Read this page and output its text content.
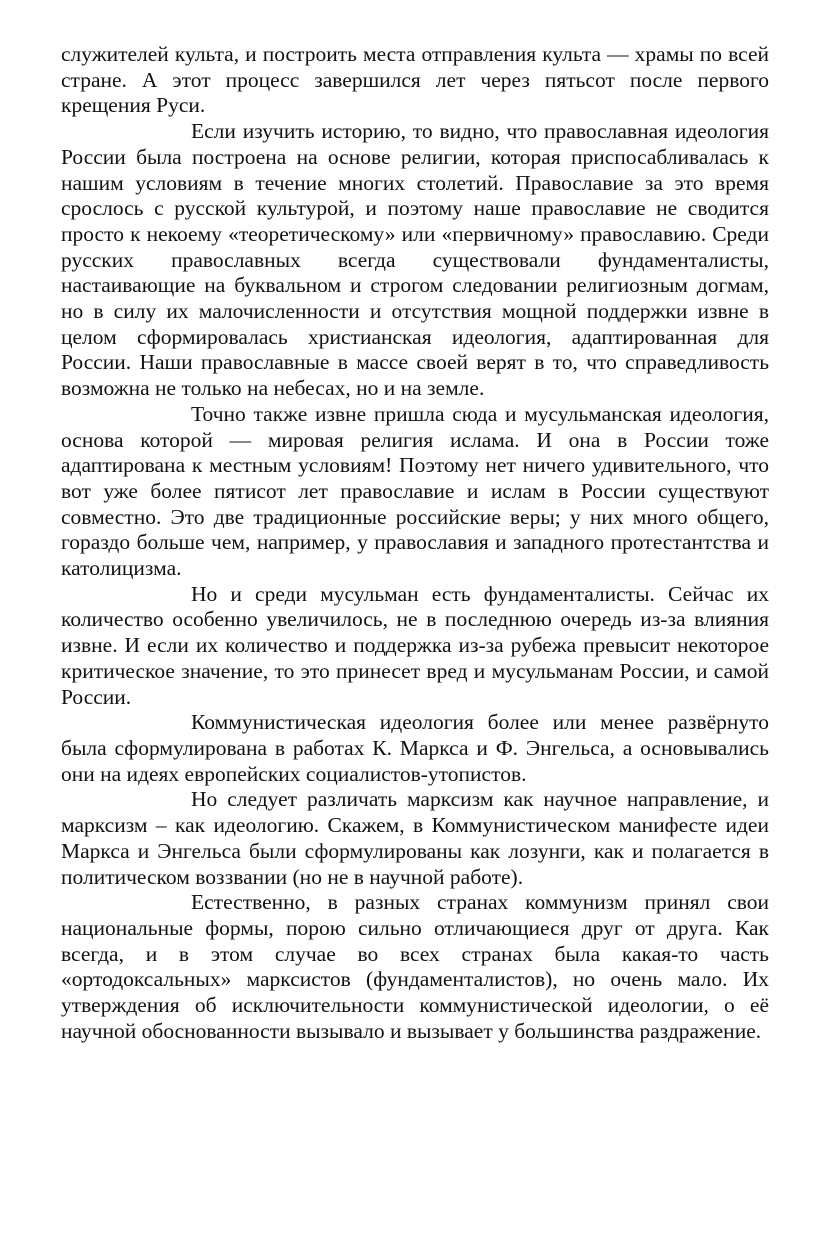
служителей культа, и построить места отправления культа — храмы по всей стране. А этот процесс завершился лет через пятьсот после первого крещения Руси.

Если изучить историю, то видно, что православная идеология России была построена на основе религии, которая приспосабливалась к нашим условиям в течение многих столетий. Православие за это время срослось с русской культурой, и поэтому наше православие не сводится просто к некоему «теоретическому» или «первичному» православию. Среди русских православных всегда существовали фундаменталисты, настаивающие на буквальном и строгом следовании религиозным догмам, но в силу их малочисленности и отсутствия мощной поддержки извне в целом сформировалась христианская идеология, адаптированная для России. Наши православные в массе своей верят в то, что справедливость возможна не только на небесах, но и на земле.

Точно также извне пришла сюда и мусульманская идеология, основа которой — мировая религия ислама. И она в России тоже адаптирована к местным условиям! Поэтому нет ничего удивительного, что вот уже более пятисот лет православие и ислам в России существуют совместно. Это две традиционные российские веры; у них много общего, гораздо больше чем, например, у православия и западного протестантства и католицизма.

Но и среди мусульман есть фундаменталисты. Сейчас их количество особенно увеличилось, не в последнюю очередь из-за влияния извне. И если их количество и поддержка из-за рубежа превысит некоторое критическое значение, то это принесет вред и мусульманам России, и самой России.

Коммунистическая идеология более или менее развёрнуто была сформулирована в работах К. Маркса и Ф. Энгельса, а основывались они на идеях европейских социалистов-утопистов.

Но следует различать марксизм как научное направление, и марксизм – как идеологию. Скажем, в Коммунистическом манифесте идеи Маркса и Энгельса были сформулированы как лозунги, как и полагается в политическом воззвании (но не в научной работе).

Естественно, в разных странах коммунизм принял свои национальные формы, порою сильно отличающиеся друг от друга. Как всегда, и в этом случае во всех странах была какая-то часть «ортодоксальных» марксистов (фундаменталистов), но очень мало. Их утверждения об исключительности коммунистической идеологии, о её научной обоснованности вызывало и вызывает у большинства раздражение.
